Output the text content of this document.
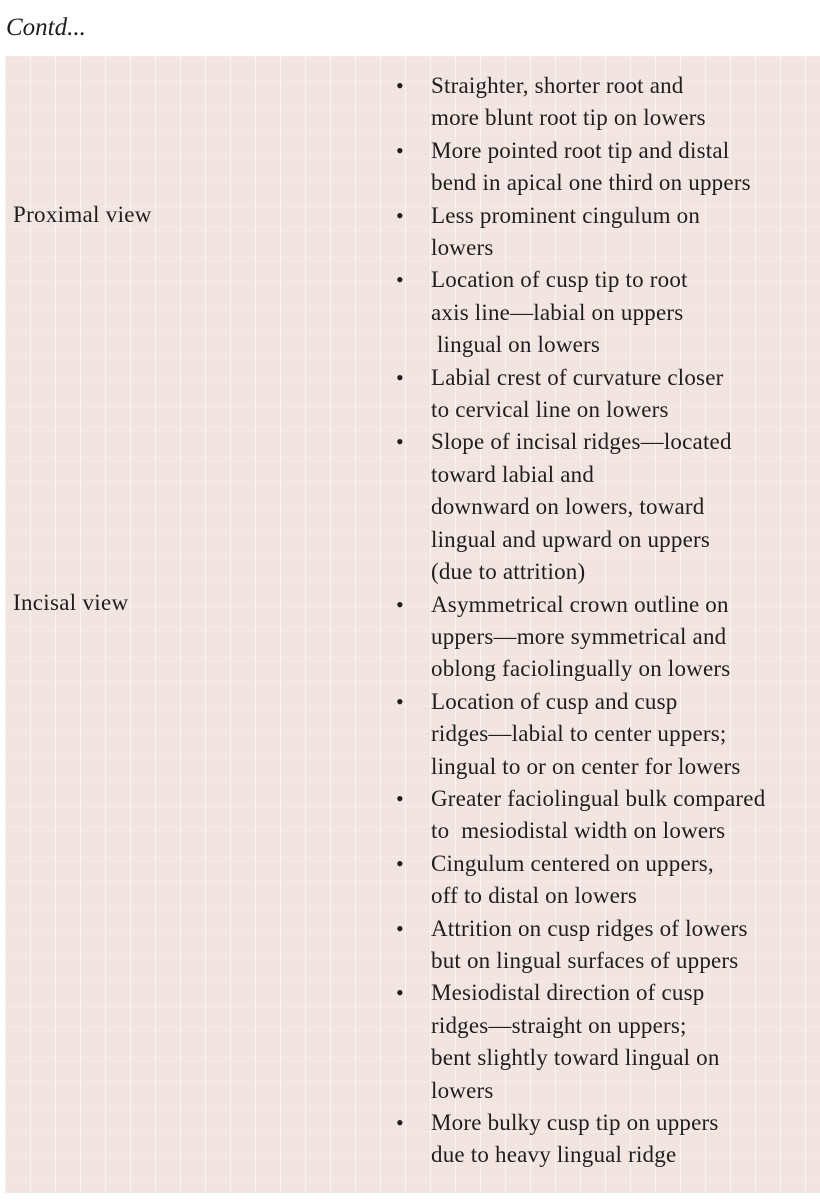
Contd...
Proximal view
Incisal view
• Straighter, shorter root and
more blunt root tip on lowers
• More pointed root tip and distal
bend in apical one third on uppers
• Less prominent cingulum on
lowers
• Location of cusp tip to root
axis line—labial on uppers
lingual on lowers
• Labial crest of curvature closer
to cervical line on lowers
• Slope of incisal ridges—located
toward labial and
downward on lowers, toward
lingual and upward on uppers
(due to attrition)
• Asymmetrical crown outline on
uppers—more symmetrical and
oblong faciolingually on lowers
• Location of cusp and cusp
ridges—labial to center uppers;
lingual to or on center for lowers
• Greater faciolingual bulk compared
to  mesiodistal width on lowers
• Cingulum centered on uppers,
off to distal on lowers
• Attrition on cusp ridges of lowers
but on lingual surfaces of uppers
• Mesiodistal direction of cusp
ridges—straight on uppers;
bent slightly toward lingual on
lowers
• More bulky cusp tip on uppers
due to heavy lingual ridge
